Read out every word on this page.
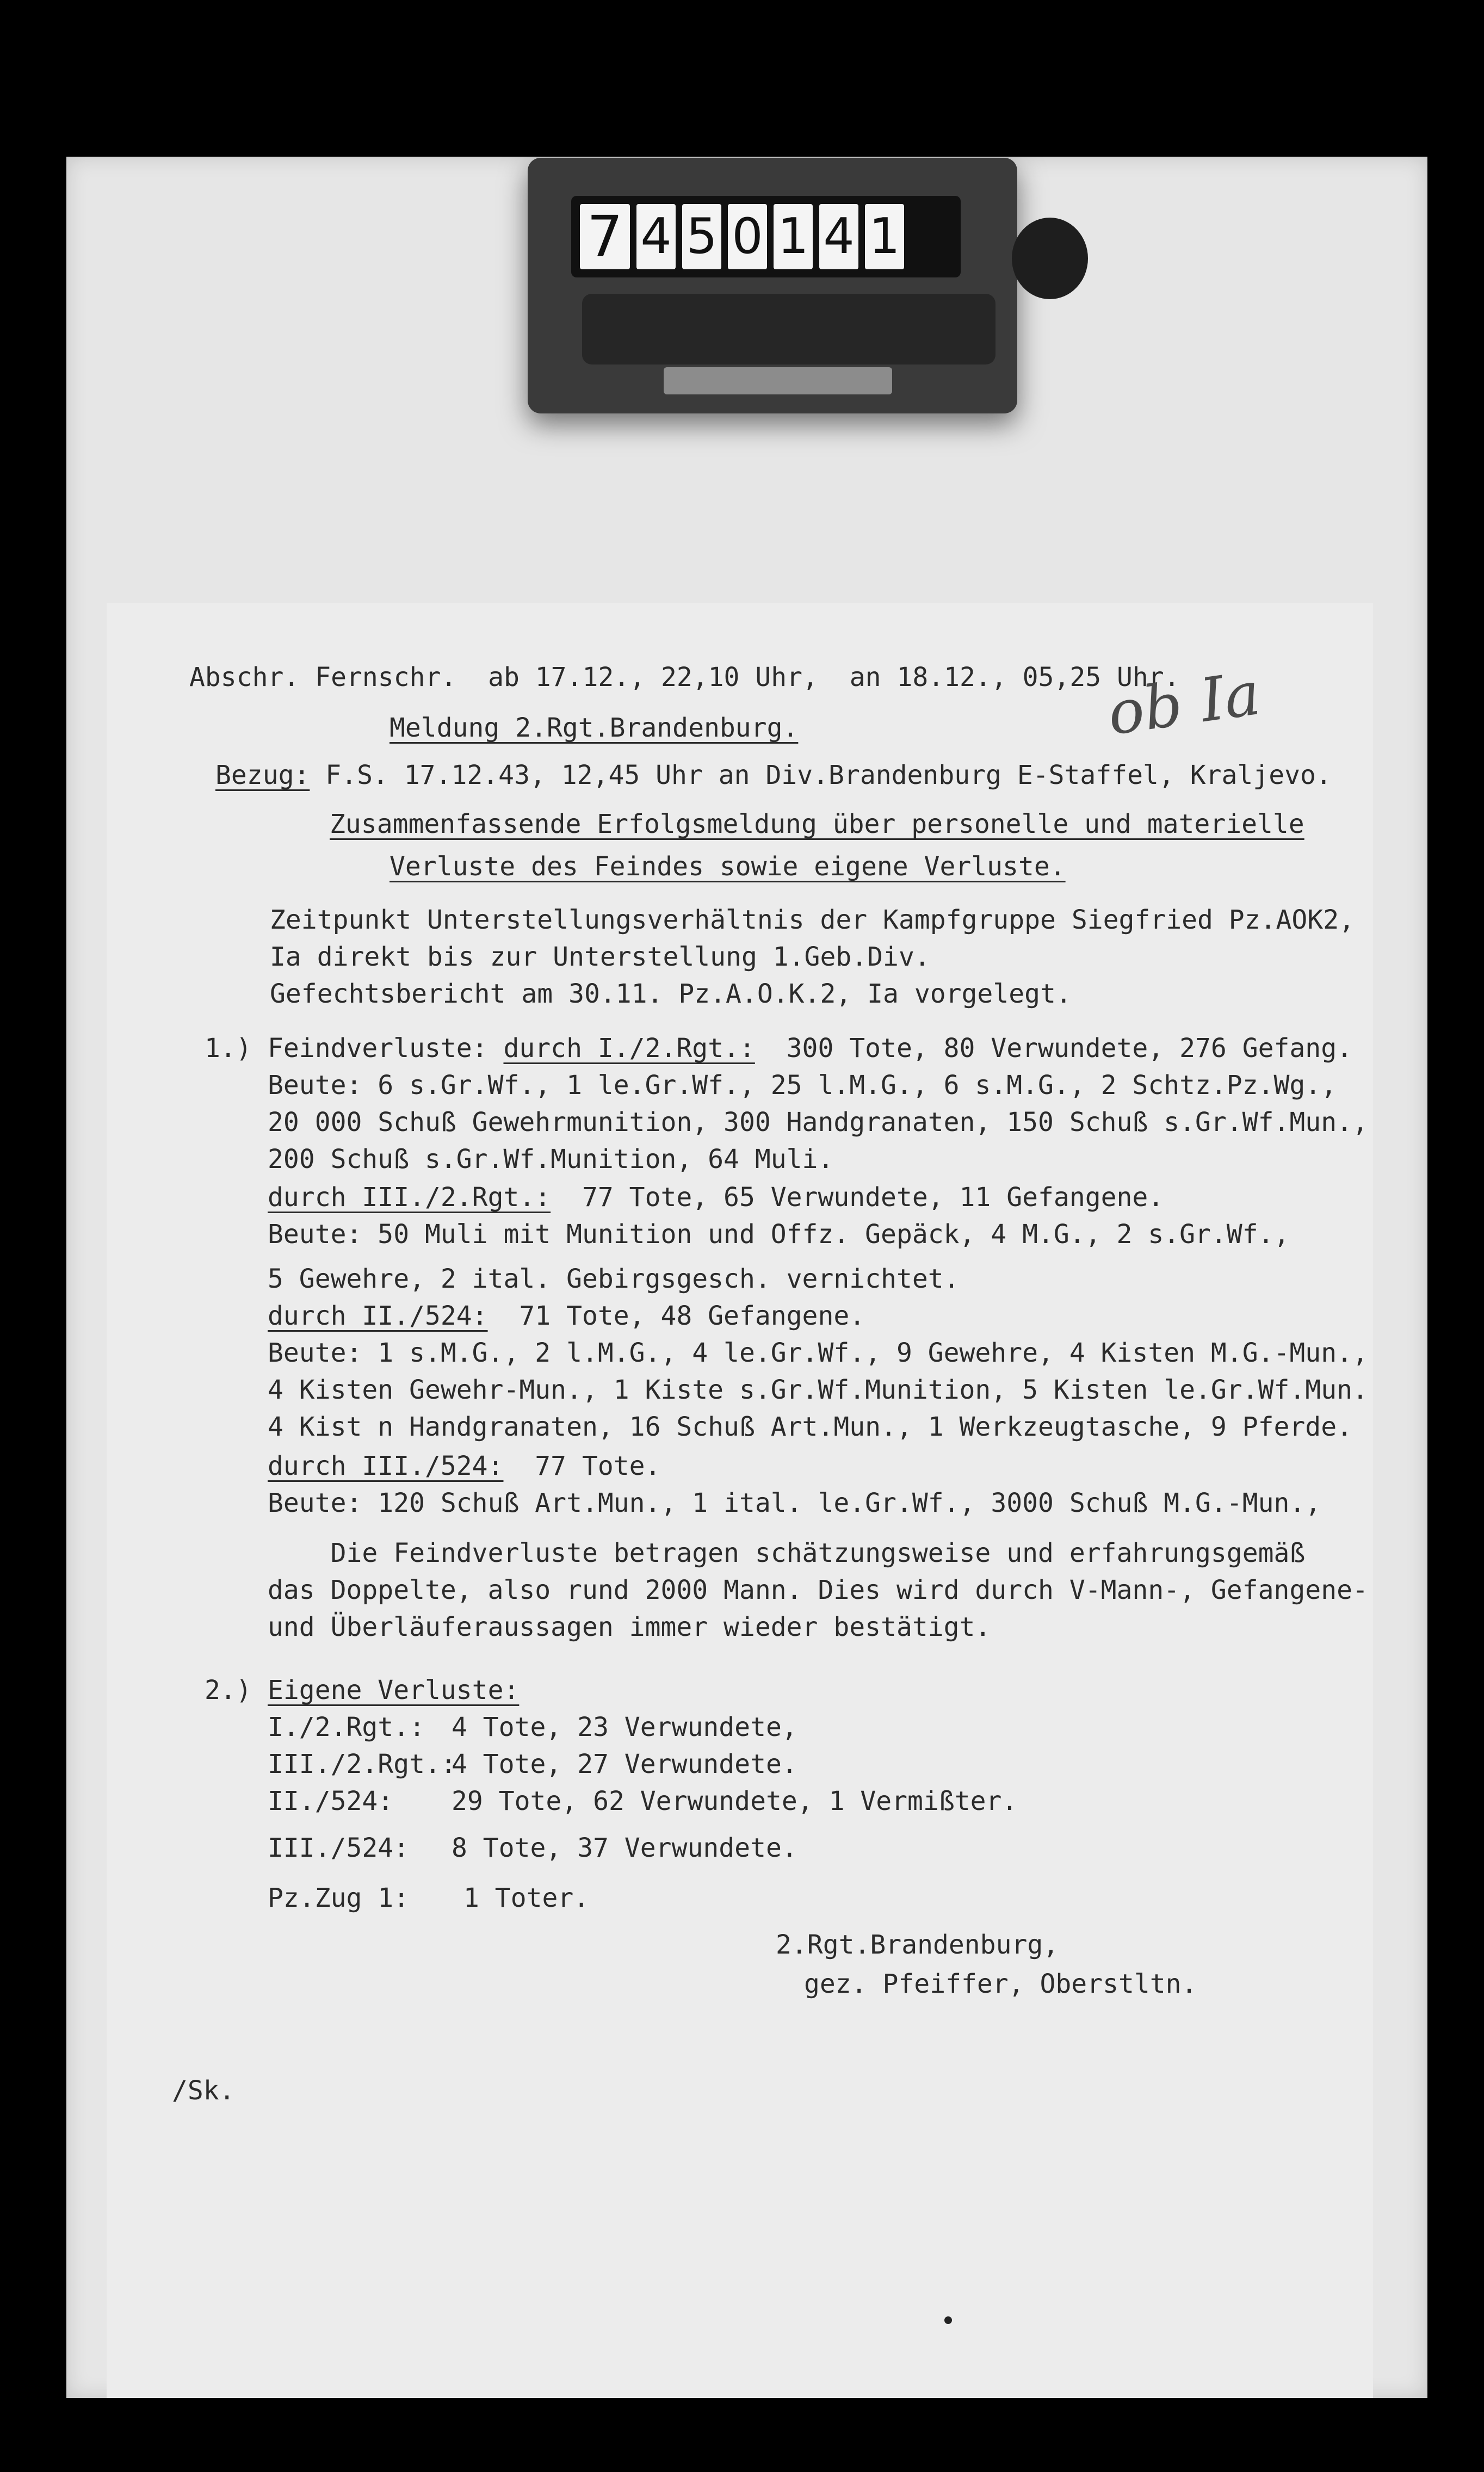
7 4 5 0 1 4 1
Abschr. Fernschr.  ab 17.12., 22,10 Uhr,  an 18.12., 05,25 Uhr.
Meldung 2.Rgt.Brandenburg.
Bezug: F.S. 17.12.43, 12,45 Uhr an Div.Brandenburg E-Staffel, Kraljevo.
Zusammenfassende Erfolgsmeldung über personelle und materielle
Verluste des Feindes sowie eigene Verluste.
Zeitpunkt Unterstellungsverhältnis der Kampfgruppe Siegfried Pz.AOK2,
Ia direkt bis zur Unterstellung 1.Geb.Div.
Gefechtsbericht am 30.11. Pz.A.O.K.2, Ia vorgelegt.
1.) Feindverluste: durch I./2.Rgt.:  300 Tote, 80 Verwundete, 276 Gefang.
Beute: 6 s.Gr.Wf., 1 le.Gr.Wf., 25 l.M.G., 6 s.M.G., 2 Schtz.Pz.Wg.,
20 000 Schuß Gewehrmunition, 300 Handgranaten, 150 Schuß s.Gr.Wf.Mun.,
200 Schuß s.Gr.Wf.Munition, 64 Muli.
durch III./2.Rgt.:  77 Tote, 65 Verwundete, 11 Gefangene.
Beute: 50 Muli mit Munition und Offz. Gepäck, 4 M.G., 2 s.Gr.Wf.,
5 Gewehre, 2 ital. Gebirgsgesch. vernichtet.
durch II./524:  71 Tote, 48 Gefangene.
Beute: 1 s.M.G., 2 l.M.G., 4 le.Gr.Wf., 9 Gewehre, 4 Kisten M.G.-Mun.,
4 Kisten Gewehr-Mun., 1 Kiste s.Gr.Wf.Munition, 5 Kisten le.Gr.Wf.Mun.
4 Kist n Handgranaten, 16 Schuß Art.Mun., 1 Werkzeugtasche, 9 Pferde.
durch III./524:  77 Tote.
Beute: 120 Schuß Art.Mun., 1 ital. le.Gr.Wf., 3000 Schuß M.G.-Mun.,
Die Feindverluste betragen schätzungsweise und erfahrungsgemäß
das Doppelte, also rund 2000 Mann. Dies wird durch V-Mann-, Gefangene-
und Überläuferaussagen immer wieder bestätigt.
2.) Eigene Verluste:
I./2.Rgt.: 4 Tote, 23 Verwundete,
III./2.Rgt.:
4 Tote, 27 Verwundete.
II./524: 29 Tote, 62 Verwundete, 1 Vermißter.
III./524: 8 Tote, 37 Verwundete.
Pz.Zug 1: 1 Toter.
2.Rgt.Brandenburg,
gez. Pfeiffer, Oberstltn.
/Sk.
ob Ia
